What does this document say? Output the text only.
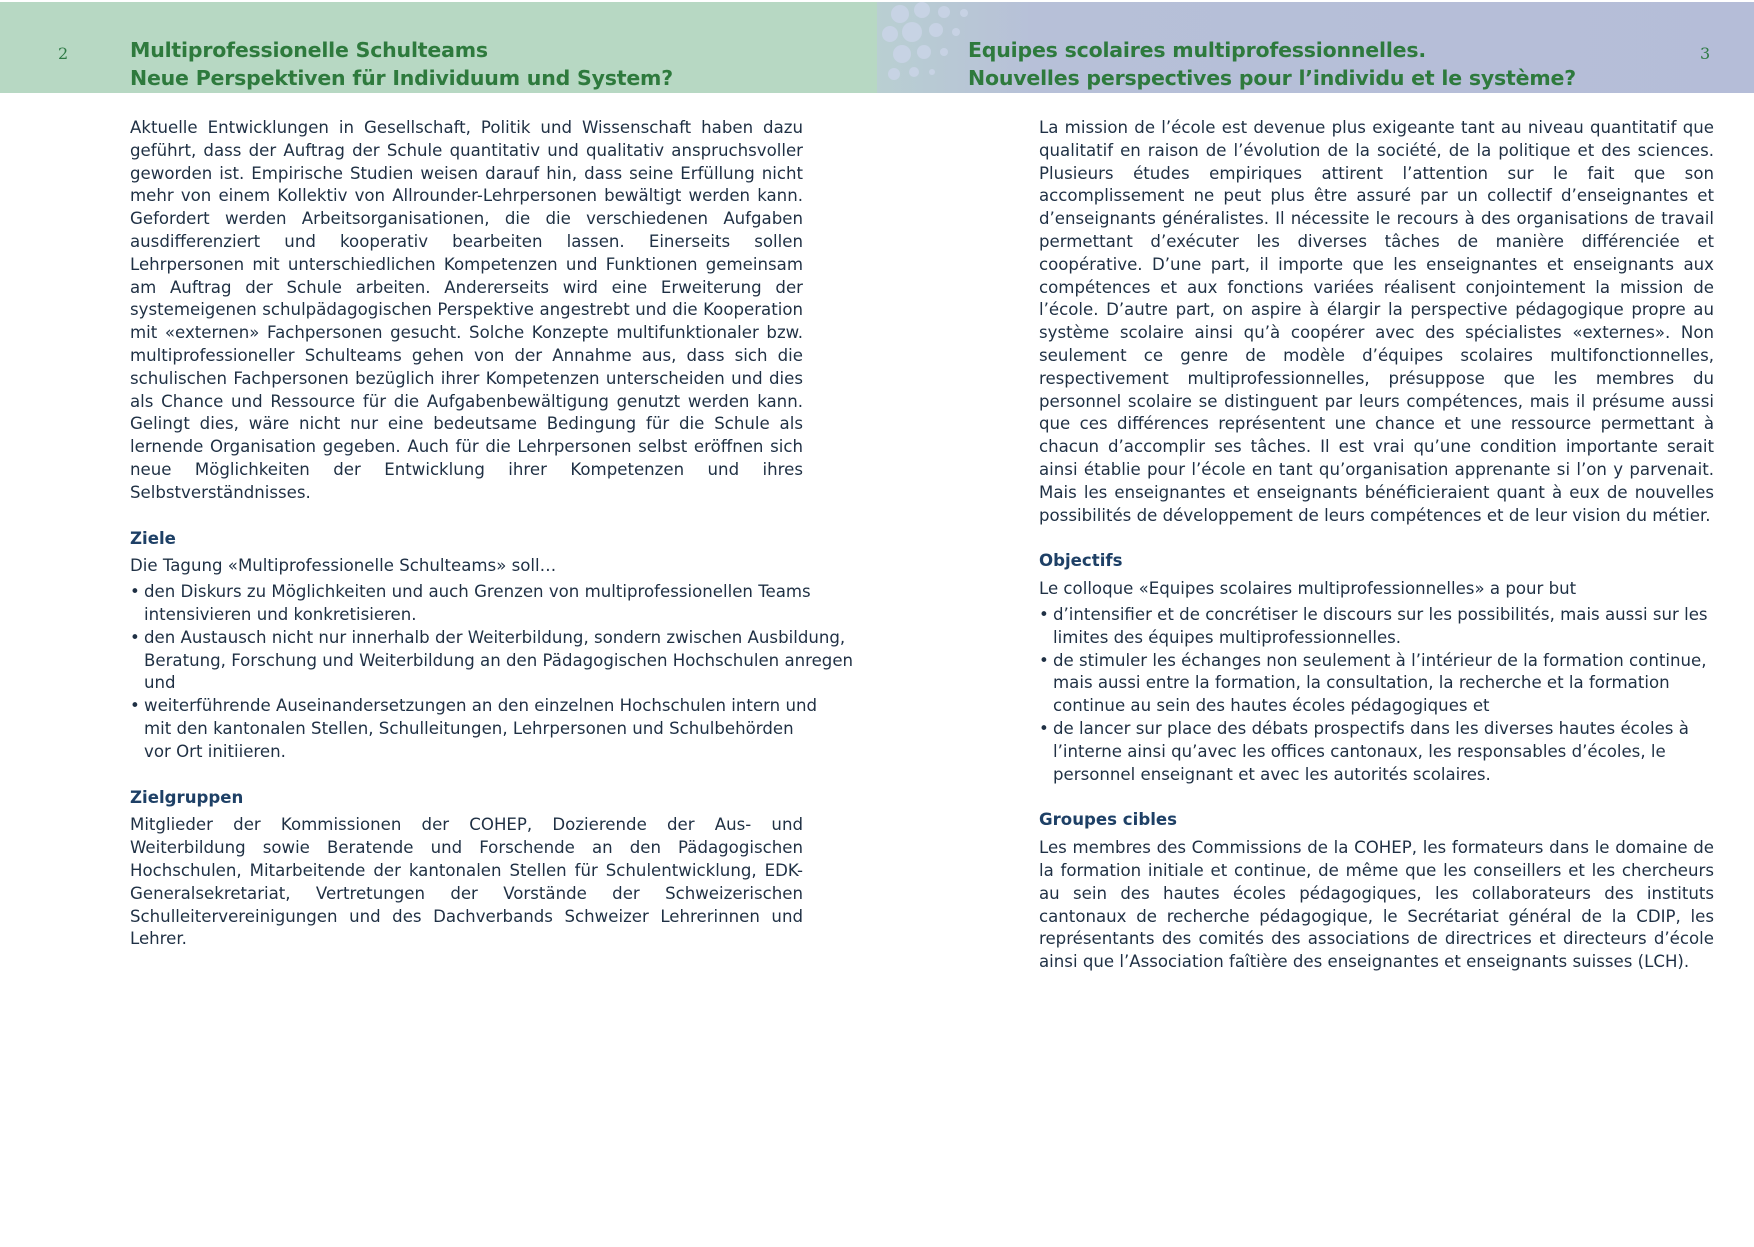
2	3
Multiprofessionelle Schulteams
Neue Perspektiven für Individuum und System?
Equipes scolaires multiprofessionnelles.
Nouvelles perspectives pour l’individu et le système?

Aktuelle Entwicklungen in Gesellschaft, Politik und Wissenschaft haben dazu geführt, dass der Auftrag der Schule quantitativ und qualitativ anspruchsvoller geworden ist. Empirische Studien weisen darauf hin, dass seine Erfüllung nicht mehr von einem Kollektiv von Allrounder-Lehrpersonen bewältigt werden kann. Gefordert werden Arbeitsorganisationen, die die verschiedenen Aufgaben ausdifferenziert und kooperativ bearbeiten lassen. Einerseits sollen Lehrpersonen mit unterschiedlichen Kompetenzen und Funktionen gemeinsam am Auftrag der Schule arbeiten. Andererseits wird eine Erweiterung der systemeigenen schulpädagogischen Perspektive angestrebt und die Kooperation mit «externen» Fachpersonen gesucht. Solche Konzepte multifunktionaler bzw. multiprofessioneller Schulteams gehen von der Annahme aus, dass sich die schulischen Fachpersonen bezüglich ihrer Kompetenzen unterscheiden und dies als Chance und Ressource für die Aufgabenbewältigung genutzt werden kann. Gelingt dies, wäre nicht nur eine bedeutsame Bedingung für die Schule als lernende Organisation gegeben. Auch für die Lehrpersonen selbst eröffnen sich neue Möglichkeiten der Entwicklung ihrer Kompetenzen und ihres Selbstverständnisses.

Ziele

Die Tagung «Multiprofessionelle Schulteams» soll…

• den Diskurs zu Möglichkeiten und auch Grenzen von multiprofessionellen Teams
intensivieren und konkretisieren.
• den Austausch nicht nur innerhalb der Weiterbildung, sondern zwischen Ausbildung,
Beratung, Forschung und Weiterbildung an den Pädagogischen Hochschulen anregen
und
• weiterführende Auseinandersetzungen an den einzelnen Hochschulen intern und
mit den kantonalen Stellen, Schulleitungen, Lehrpersonen und Schulbehörden
vor Ort initiieren.

Zielgruppen

Mitglieder der Kommissionen der COHEP, Dozierende der Aus- und Weiterbildung sowie Beratende und Forschende an den Pädagogischen Hochschulen, Mitarbeitende der kantonalen Stellen für Schulentwicklung, EDK-Generalsekretariat, Vertretungen der Vorstände der Schweizerischen Schulleitervereinigungen und des Dachverbands Schweizer Lehrerinnen und Lehrer.

La mission de l’école est devenue plus exigeante tant au niveau quantitatif que qualitatif en raison de l’évolution de la société, de la politique et des sciences. Plusieurs études empiriques attirent l’attention sur le fait que son accomplissement ne peut plus être assuré par un collectif d’enseignantes et d’enseignants généralistes. Il nécessite le recours à des organisations de travail permettant d’exécuter les diverses tâches de manière différenciée et coopérative. D’une part, il importe que les enseignantes et enseignants aux compétences et aux fonctions variées réalisent conjointement la mission de l’école. D’autre part, on aspire à élargir la perspective pédagogique propre au système scolaire ainsi qu’à coopérer avec des spécialistes «externes». Non seulement ce genre de modèle d’équipes scolaires multifonctionnelles, respectivement multiprofessionnelles, présuppose que les membres du personnel scolaire se distinguent par leurs compétences, mais il présume aussi que ces différences représentent une chance et une ressource permettant à chacun d’accomplir ses tâches. Il est vrai qu’une condition importante serait ainsi établie pour l’école en tant qu’organisation apprenante si l’on y parvenait. Mais les enseignantes et enseignants bénéficieraient quant à eux de nouvelles possibilités de développement de leurs compétences et de leur vision du métier.

Objectifs

Le colloque «Equipes scolaires multiprofessionnelles» a pour but

• d’intensifier et de concrétiser le discours sur les possibilités, mais aussi sur les
limites des équipes multiprofessionnelles.
• de stimuler les échanges non seulement à l’intérieur de la formation continue,
mais aussi entre la formation, la consultation, la recherche et la formation
continue au sein des hautes écoles pédagogiques et
• de lancer sur place des débats prospectifs dans les diverses hautes écoles à
l’interne ainsi qu’avec les offices cantonaux, les responsables d’écoles, le
personnel enseignant et avec les autorités scolaires.

Groupes cibles

Les membres des Commissions de la COHEP, les formateurs dans le domaine de la formation initiale et continue, de même que les conseillers et les chercheurs au sein des hautes écoles pédagogiques, les collaborateurs des instituts cantonaux de recherche pédagogique, le Secrétariat général de la CDIP, les représentants des comités des associations de directrices et directeurs d’école ainsi que l’Association faîtière des enseignantes et enseignants suisses (LCH).
